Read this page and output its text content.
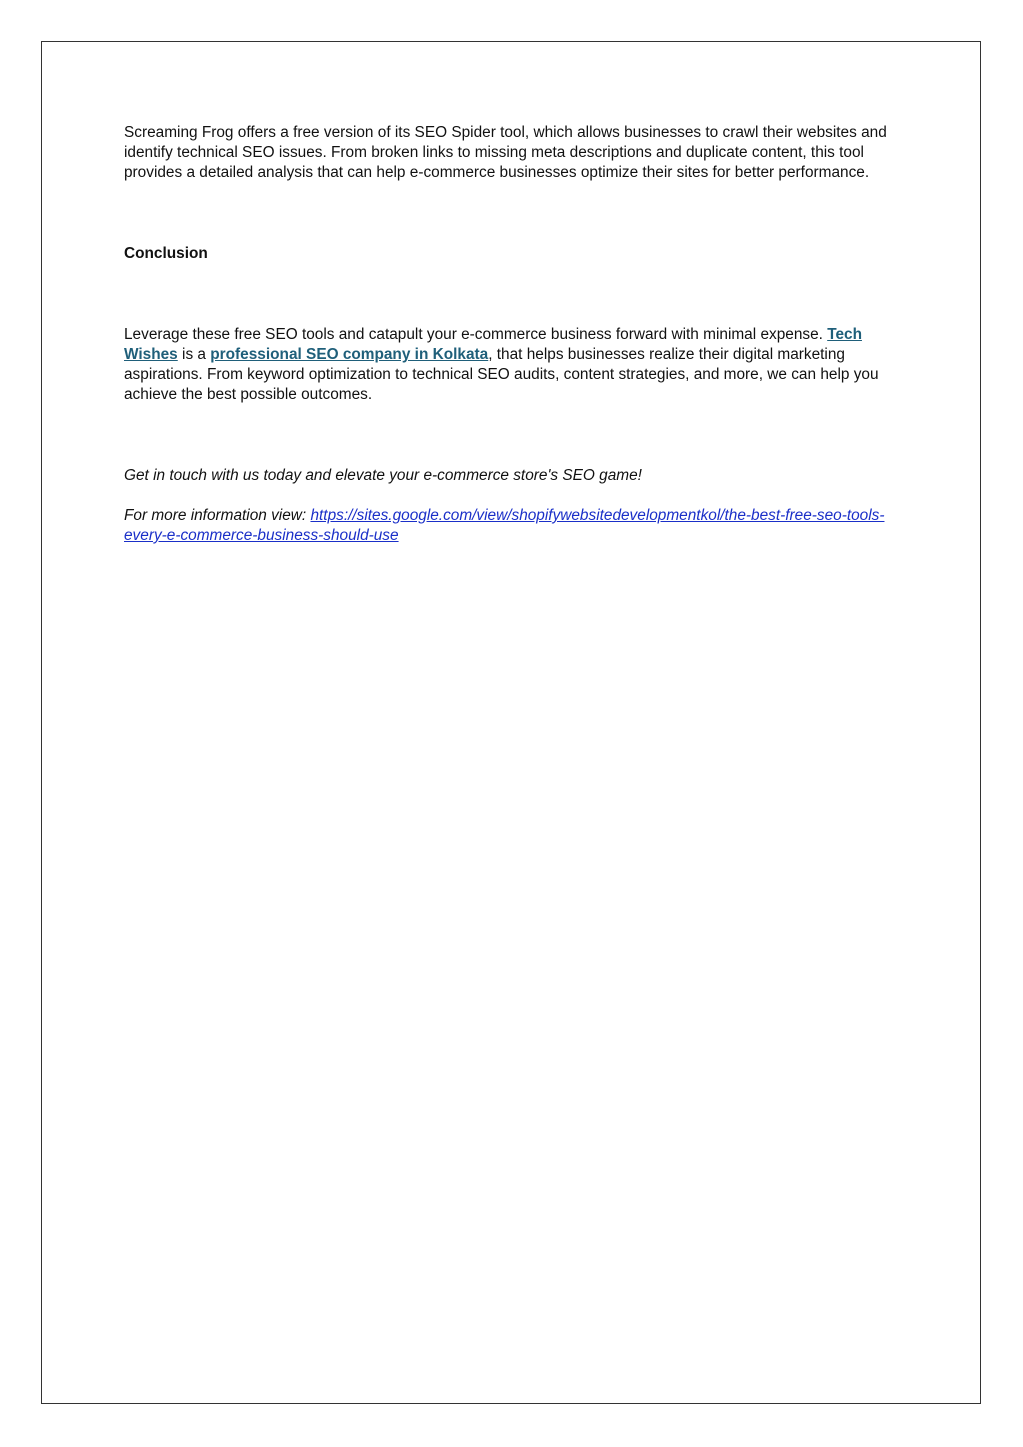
Screaming Frog offers a free version of its SEO Spider tool, which allows businesses to crawl their websites and identify technical SEO issues. From broken links to missing meta descriptions and duplicate content, this tool provides a detailed analysis that can help e-commerce businesses optimize their sites for better performance.

Conclusion

Leverage these free SEO tools and catapult your e-commerce business forward with minimal expense. Tech Wishes is a professional SEO company in Kolkata, that helps businesses realize their digital marketing aspirations. From keyword optimization to technical SEO audits, content strategies, and more, we can help you achieve the best possible outcomes.

Get in touch with us today and elevate your e-commerce store's SEO game!

For more information view: https://sites.google.com/view/shopifywebsitedevelopmentkol/the-best-free-seo-tools-every-e-commerce-business-should-use
